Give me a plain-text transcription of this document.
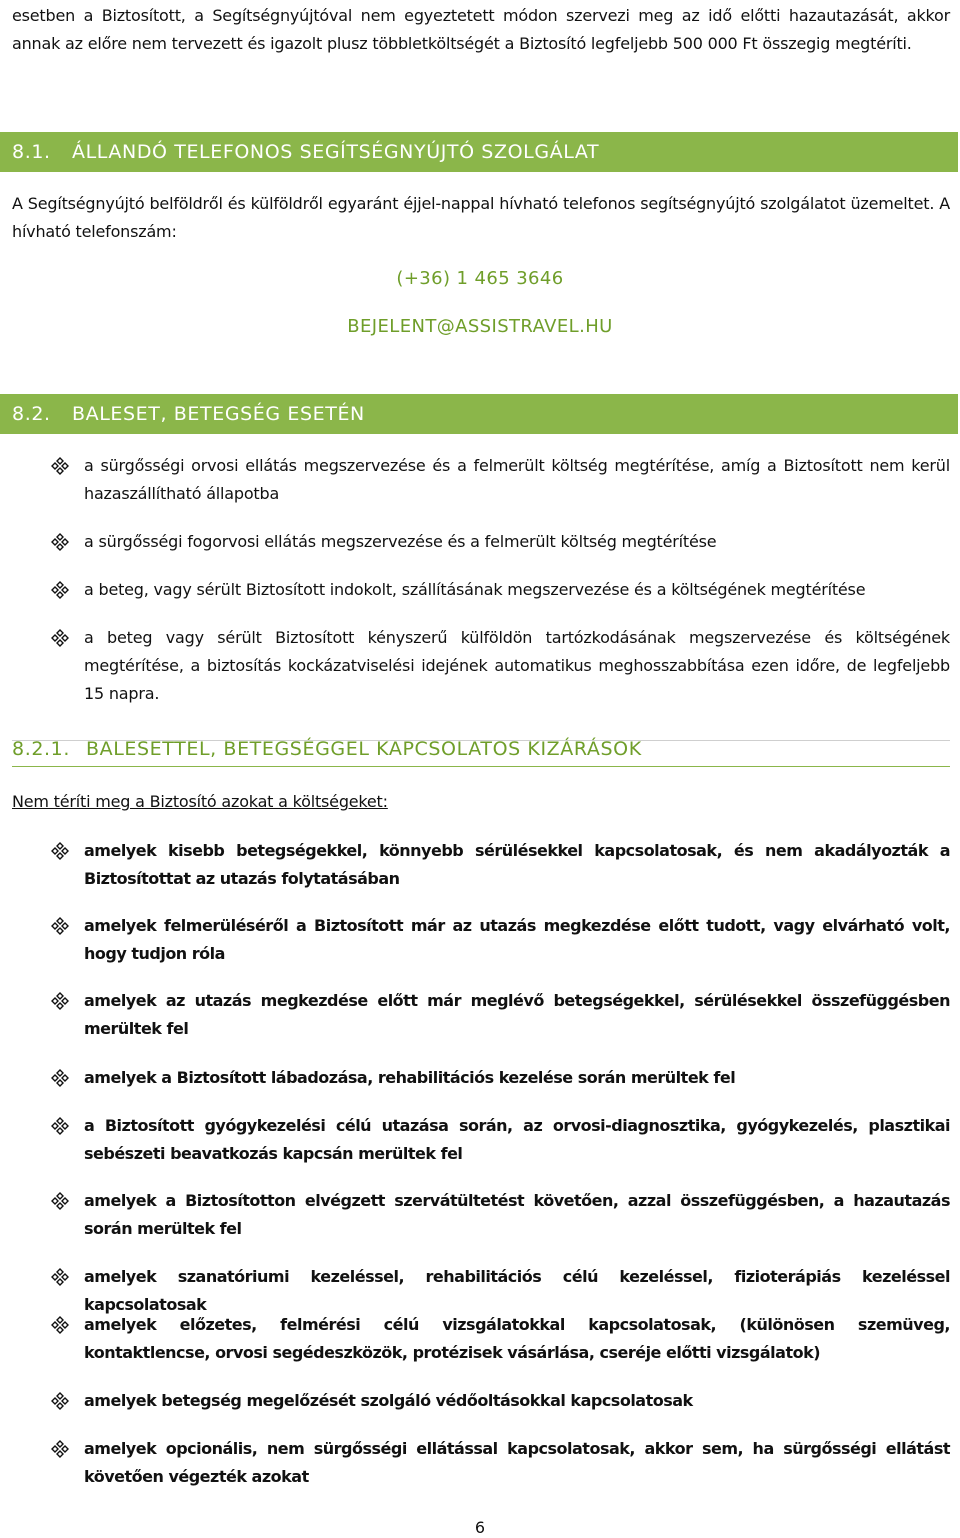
esetben a Biztosított, a Segítségnyújtóval nem egyeztetett módon szervezi meg az idő előtti hazautazását, akkor annak az előre nem tervezett és igazolt plusz többletköltségét a Biztosító legfeljebb 500 000 Ft összegig megtéríti.

8.1. ÁLLANDÓ TELEFONOS SEGÍTSÉGNYÚJTÓ SZOLGÁLAT

A Segítségnyújtó belföldről és külföldről egyaránt éjjel-nappal hívható telefonos segítségnyújtó szolgálatot üzemeltet. A hívható telefonszám:

(+36) 1 465 3646
BEJELENT@ASSISTRAVEL.HU
8.2. BALESET, BETEGSÉG ESETÉN
a sürgősségi orvosi ellátás megszervezése és a felmerült költség megtérítése, amíg a Biztosított nem kerül hazaszállítható állapotba
a sürgősségi fogorvosi ellátás megszervezése és a felmerült költség megtérítése
a beteg, vagy sérült Biztosított indokolt, szállításának megszervezése és a költségének megtérítése
a beteg vagy sérült Biztosított kényszerű külföldön tartózkodásának megszervezése és költségének megtérítése, a biztosítás kockázatviselési idejének automatikus meghosszabbítása ezen időre, de legfeljebb 15 napra.
8.2.1. BALESETTEL, BETEGSÉGGEL KAPCSOLATOS KIZÁRÁSOK

Nem téríti meg a Biztosító azokat a költségeket:

amelyek kisebb betegségekkel, könnyebb sérülésekkel kapcsolatosak, és nem akadályozták a Biztosítottat az utazás folytatásában
amelyek felmerüléséről a Biztosított már az utazás megkezdése előtt tudott, vagy elvárható volt, hogy tudjon róla
amelyek az utazás megkezdése előtt már meglévő betegségekkel, sérülésekkel összefüggésben merültek fel
amelyek a Biztosított lábadozása, rehabilitációs kezelése során merültek fel
a Biztosított gyógykezelési célú utazása során, az orvosi-diagnosztika, gyógykezelés, plasztikai sebészeti beavatkozás kapcsán merültek fel
amelyek a Biztosítotton elvégzett szervátültetést követően, azzal összefüggésben, a hazautazás során merültek fel
amelyek szanatóriumi kezeléssel, rehabilitációs célú kezeléssel, fizioterápiás kezeléssel kapcsolatosak
amelyek előzetes, felmérési célú vizsgálatokkal kapcsolatosak, (különösen szemüveg, kontaktlencse, orvosi segédeszközök, protézisek vásárlása, cseréje előtti vizsgálatok)
amelyek betegség megelőzését szolgáló védőoltásokkal kapcsolatosak
amelyek opcionális, nem sürgősségi ellátással kapcsolatosak, akkor sem, ha sürgősségi ellátást követően végezték azokat
6
